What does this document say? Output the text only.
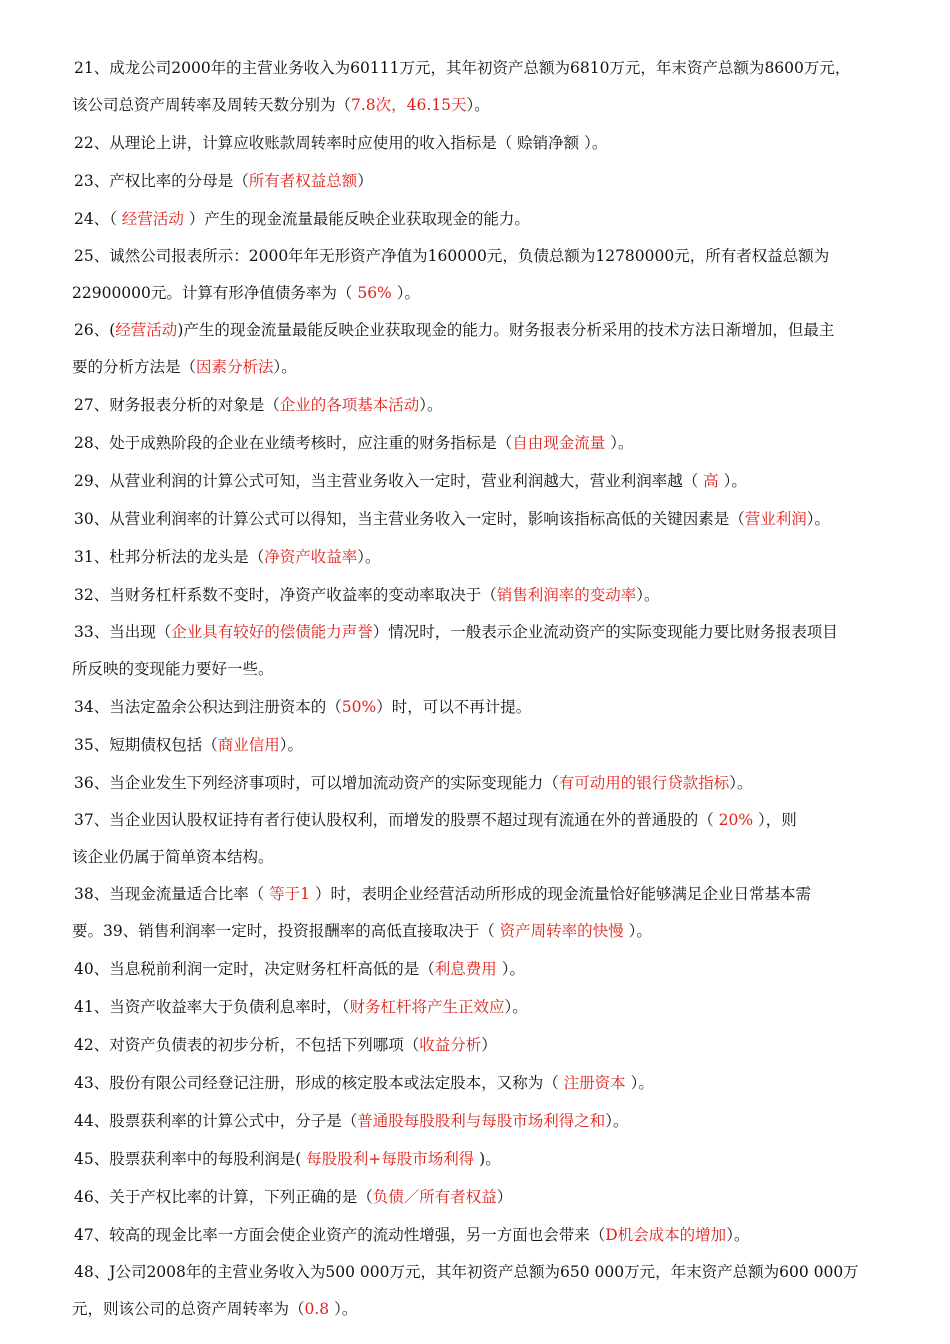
21、成龙公司2000年的主营业务收入为60111万元，其年初资产总额为6810万元，年末资产总额为8600万元，
该公司总资产周转率及周转天数分别为（7.8次，46.15天）。

22、从理论上讲，计算应收账款周转率时应使用的收入指标是（ 赊销净额 ）。

23、产权比率的分母是（所有者权益总额）

24、（ 经营活动 ）产生的现金流量最能反映企业获取现金的能力。

25、诚然公司报表所示：2000年年无形资产净值为160000元，负债总额为12780000元，所有者权益总额为
22900000元。计算有形净值债务率为（ 56% ）。

26、(经营活动)产生的现金流量最能反映企业获取现金的能力。财务报表分析采用的技术方法日渐增加，但最主
要的分析方法是（因素分析法）。

27、财务报表分析的对象是（企业的各项基本活动）。

28、处于成熟阶段的企业在业绩考核时，应注重的财务指标是（自由现金流量 ）。

29、从营业利润的计算公式可知，当主营业务收入一定时，营业利润越大，营业利润率越（ 高 ）。

30、从营业利润率的计算公式可以得知，当主营业务收入一定时，影响该指标高低的关键因素是（营业利润）。

31、杜邦分析法的龙头是（净资产收益率）。

32、当财务杠杆系数不变时，净资产收益率的变动率取决于（销售利润率的变动率）。

33、当出现（企业具有较好的偿债能力声誉）情况时，一般表示企业流动资产的实际变现能力要比财务报表项目
所反映的变现能力要好一些。

34、当法定盈余公积达到注册资本的（50%）时，可以不再计提。

35、短期债权包括（商业信用）。

36、当企业发生下列经济事项时，可以增加流动资产的实际变现能力（有可动用的银行贷款指标）。

37、当企业因认股权证持有者行使认股权利，而增发的股票不超过现有流通在外的普通股的（ 20% ），则
该企业仍属于简单资本结构。

38、当现金流量适合比率（ 等于1 ）时，表明企业经营活动所形成的现金流量恰好能够满足企业日常基本需
要。39、销售利润率一定时，投资报酬率的高低直接取决于（ 资产周转率的快慢 ）。

40、当息税前利润一定时，决定财务杠杆高低的是（利息费用 ）。

41、当资产收益率大于负债利息率时，（财务杠杆将产生正效应）。

42、对资产负债表的初步分析，不包括下列哪项（收益分析）

43、股份有限公司经登记注册，形成的核定股本或法定股本，又称为（ 注册资本 ）。

44、股票获利率的计算公式中，分子是（普通股每股股利与每股市场利得之和）。

45、股票获利率中的每股利润是( 每股股利+每股市场利得 )。

46、关于产权比率的计算，下列正确的是（负债／所有者权益）

47、较高的现金比率一方面会使企业资产的流动性增强，另一方面也会带来（D机会成本的增加）。

48、J公司2008年的主营业务收入为500 000万元，其年初资产总额为650 000万元，年末资产总额为600 000万
元，则该公司的总资产周转率为（0.8 ）。
